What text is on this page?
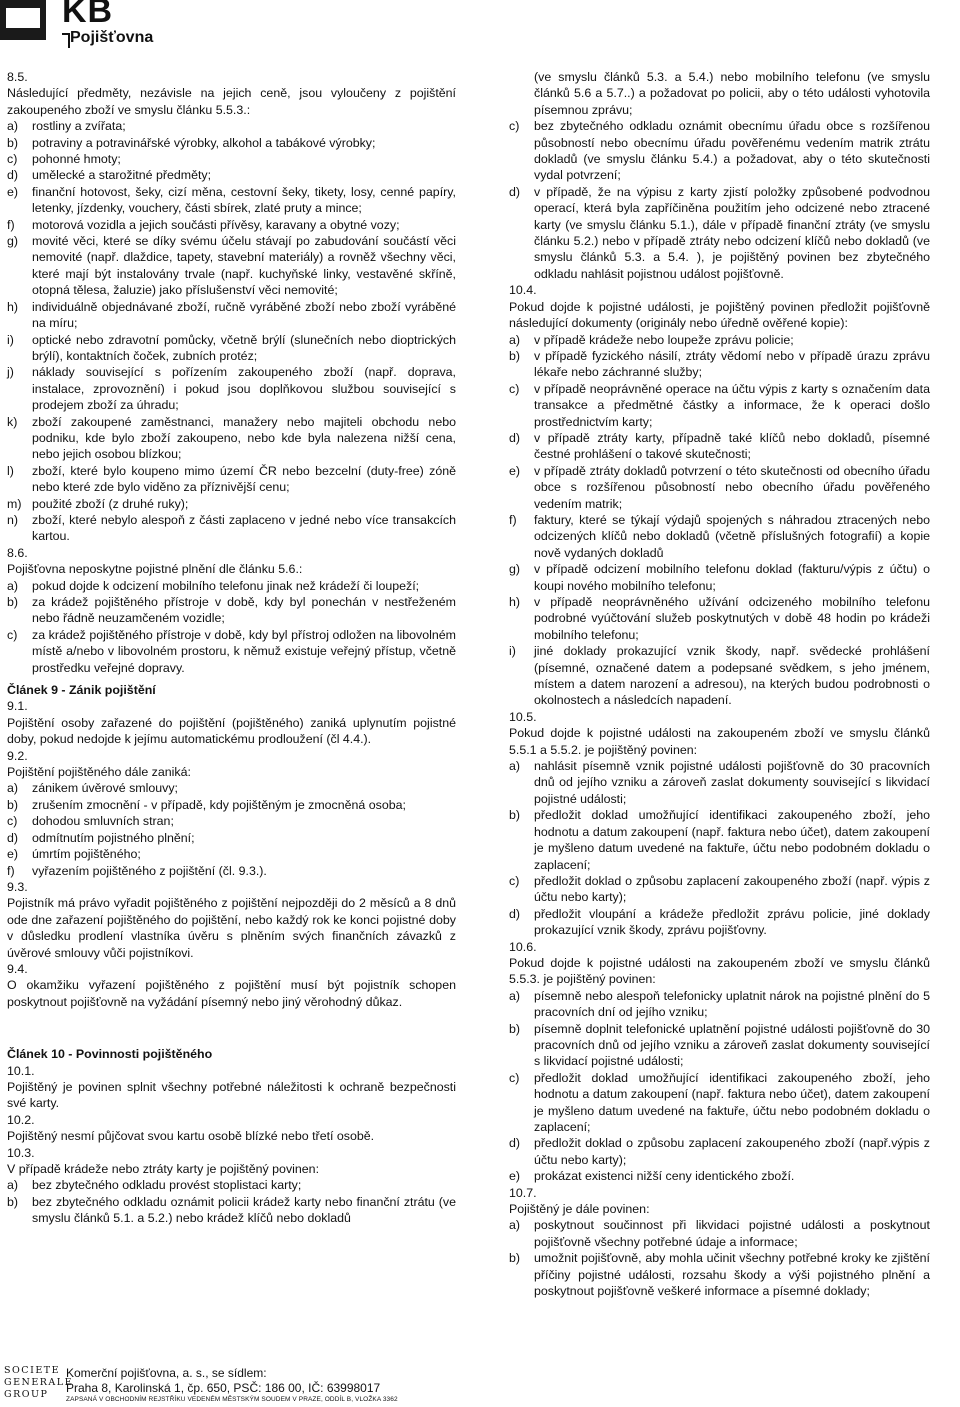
KB
Pojišťovna

8.5.

Následující předměty, nezávisle na jejich ceně, jsou vyloučeny z pojištění zakoupeného zboží ve smyslu článku 5.5.3.:

a)	rostliny a zvířata;
b)	potraviny a potravinářské výrobky, alkohol a tabákové výrobky;
c)	pohonné hmoty;
d)	umělecké a starožitné předměty;
e)	finanční hotovost, šeky, cizí měna, cestovní šeky, tikety, losy, cenné papíry, letenky, jízdenky, vouchery, části sbírek, zlaté pruty a mince;
f)	motorová vozidla a jejich součásti přívěsy, karavany a obytné vozy;
g)	movité věci, které se díky svému účelu stávají po zabudování součástí věci nemovité (např. dlaždice, tapety, stavební materiály) a rovněž všechny věci, které mají být instalovány trvale (např. kuchyňské linky, vestavěné skříně, otopná tělesa, žaluzie) jako příslušenství věci nemovité;
h)	individuálně objednávané zboží, ručně vyráběné zboží nebo zboží vyráběné na míru;
i)	optické nebo zdravotní pomůcky, včetně brýlí (slunečních nebo dioptrických brýlí), kontaktních čoček, zubních protéz;
j)	náklady související s pořízením zakoupeného zboží (např. doprava, instalace, zprovoznění) i pokud jsou doplňkovou službou související s prodejem zboží za úhradu;
k)	zboží zakoupené zaměstnanci, manažery nebo majiteli obchodu nebo podniku, kde bylo zboží zakoupeno, nebo kde byla nalezena nižší cena, nebo jejich osobou blízkou;
l)	zboží, které bylo koupeno mimo území ČR nebo bezcelní (duty-free) zóně nebo které zde bylo viděno za příznivější cenu;
m) použité zboží (z druhé ruky);
n)	zboží, které nebylo alespoň z části zaplaceno v jedné nebo více transakcích kartou.

8.6.

Pojišťovna neposkytne pojistné plnění dle článku 5.6.:

a)	pokud dojde k odcizení mobilního telefonu jinak než krádeží či loupeží;
b)	za krádež pojištěného přístroje v době, kdy byl ponechán v nestřeženém nebo řádně neuzamčeném vozidle;
c)	za krádež pojištěného přístroje v době, kdy byl přístroj odložen na libovolném místě a/nebo v libovolném prostoru, k němuž existuje veřejný přístup, včetně prostředku veřejné dopravy.

Článek 9 - Zánik pojištění

9.1.

Pojištění osoby zařazené do pojištění (pojištěného) zaniká uplynutím pojistné doby, pokud nedojde k jejímu automatickému prodloužení (čl 4.4.).

9.2.

Pojištění pojištěného dále zaniká:

a)	zánikem úvěrové smlouvy;
b)	zrušením zmocnění - v případě, kdy pojištěným je zmocněná osoba;
c)	dohodou smluvních stran;
d)	odmítnutím pojistného plnění;
e)	úmrtím pojištěného;
f)	vyřazením pojištěného z pojištění (čl. 9.3.).

9.3.

Pojistník má právo vyřadit pojištěného z pojištění nejpozději do 2 měsíců a 8 dnů ode dne zařazení pojištěného do pojištění, nebo každý rok ke konci pojistné doby v důsledku prodlení vlastníka úvěru s plněním svých finančních závazků z úvěrové smlouvy vůči pojistníkovi.

9.4.

O okamžiku vyřazení pojištěného z pojištění musí být pojistník schopen poskytnout pojišťovně na vyžádání písemný nebo jiný věrohodný důkaz.

Článek 10 - Povinnosti pojištěného

10.1.

Pojištěný je povinen splnit všechny potřebné náležitosti k ochraně bezpečnosti své karty.

10.2.

Pojištěný nesmí půjčovat svou kartu osobě blízké nebo třetí osobě.

10.3.

V případě krádeže nebo ztráty karty je pojištěný povinen:

a)	bez zbytečného odkladu provést stoplistaci karty;
b)	bez zbytečného odkladu oznámit policii krádež karty nebo finanční ztrátu (ve smyslu článků 5.1. a 5.2.) nebo krádež klíčů nebo dokladů

(ve smyslu článků 5.3. a 5.4.) nebo mobilního telefonu (ve smyslu článků 5.6 a 5.7..) a požadovat po policii, aby o této události vyhotovila písemnou zprávu;

c)	bez zbytečného odkladu oznámit obecnímu úřadu obce s rozšířenou působností nebo obecnímu úřadu pověřenému vedením matrik ztrátu dokladů (ve smyslu článku 5.4.) a požadovat, aby o této skutečnosti vydal potvrzení;
d)	v případě, že na výpisu z karty zjistí položky způsobené podvodnou operací, která byla zapříčiněna použitím jeho odcizené nebo ztracené karty (ve smyslu článku 5.1.), dále v případě finanční ztráty (ve smyslu článku 5.2.) nebo v případě ztráty nebo odcizení klíčů nebo dokladů (ve smyslu článků 5.3. a 5.4. ), je pojištěný povinen bez zbytečného odkladu nahlásit pojistnou událost pojišťovně.

10.4.

Pokud dojde k pojistné události, je pojištěný povinen předložit pojišťovně následující dokumenty (originály nebo úředně ověřené kopie):

a)	v případě krádeže nebo loupeže zprávu policie;
b)	v případě fyzického násilí, ztráty vědomí nebo v případě úrazu zprávu lékaře nebo záchranné služby;
c)	v případě neoprávněné operace na účtu výpis z karty s označením data transakce a předmětné částky a informace, že k operaci došlo prostřednictvím karty;
d)	v případě ztráty karty, případně také klíčů nebo dokladů, písemné čestné prohlášení o takové skutečnosti;
e)	v případě ztráty dokladů potvrzení o této skutečnosti od obecního úřadu obce s rozšířenou působností nebo obecního úřadu pověřeného vedením matrik;
f)	faktury, které se týkají výdajů spojených s náhradou ztracených nebo odcizených klíčů nebo dokladů (včetně příslušných fotografií) a kopie nově vydaných dokladů
g)	v případě odcizení mobilního telefonu doklad (fakturu/výpis z účtu) o koupi nového mobilního telefonu;
h)	v případě neoprávněného užívání odcizeného mobilního telefonu podrobné vyúčtování služeb poskytnutých v době 48 hodin po krádeži mobilního telefonu;
i)	jiné doklady prokazující vznik škody, např. svědecké prohlášení (písemné, označené datem a podepsané svědkem, s jeho jménem, místem a datem narození a adresou), na kterých budou podrobnosti o okolnostech a následcích napadení.

10.5.

Pokud dojde k pojistné události na zakoupeném zboží ve smyslu článků 5.5.1 a 5.5.2. je pojištěný povinen:

a)	nahlásit písemně vznik pojistné události pojišťovně do 30 pracovních dnů od jejího vzniku a zároveň zaslat dokumenty související s likvidací pojistné události;
b)	předložit doklad umožňující identifikaci zakoupeného zboží, jeho hodnotu a datum zakoupení (např. faktura nebo účet), datem zakoupení je myšleno datum uvedené na faktuře, účtu nebo podobném dokladu o zaplacení;
c)	předložit doklad o způsobu zaplacení zakoupeného zboží (např. výpis z účtu nebo karty);
d)	předložit vloupání a krádeže předložit zprávu policie, jiné doklady prokazující vznik škody, zprávu pojišťovny.

10.6.

Pokud dojde k pojistné události na zakoupeném zboží ve smyslu článků 5.5.3. je pojištěný povinen:

a)	písemně nebo alespoň telefonicky uplatnit nárok na pojistné plnění do 5 pracovních dní od jejího vzniku;
b)	písemně doplnit telefonické uplatnění pojistné události pojišťovně do 30 pracovních dnů od jejího vzniku a zároveň zaslat dokumenty související s likvidací pojistné události;
c)	předložit doklad umožňující identifikaci zakoupeného zboží, jeho hodnotu a datum zakoupení (např. faktura nebo účet), datem zakoupení je myšleno datum uvedené na faktuře, účtu nebo podobném dokladu o zaplacení;
d)	předložit doklad o způsobu zaplacení zakoupeného zboží (např.výpis z účtu nebo karty);
e)	prokázat existenci nižší ceny identického zboží.

10.7.

Pojištěný je dále povinen:

a)	poskytnout součinnost při likvidaci pojistné události a poskytnout pojišťovně všechny potřebné údaje a informace;
b)	umožnit pojišťovně, aby mohla učinit všechny potřebné kroky ke zjištění příčiny pojistné události, rozsahu škody a výši pojistného plnění a poskytnout pojišťovně veškeré informace a písemné doklady;
SOCIETE
GENERALE
GROUP
Komerční pojišťovna, a. s., se sídlem:
Praha 8, Karolinská 1, čp. 650, PSČ: 186 00, IČ: 63998017
ZAPSANÁ V OBCHODNÍM REJSTŘÍKU VEDENÉM MĚSTSKÝM SOUDEM V PRAZE, ODDÍL B, VLOŽKA 3362
